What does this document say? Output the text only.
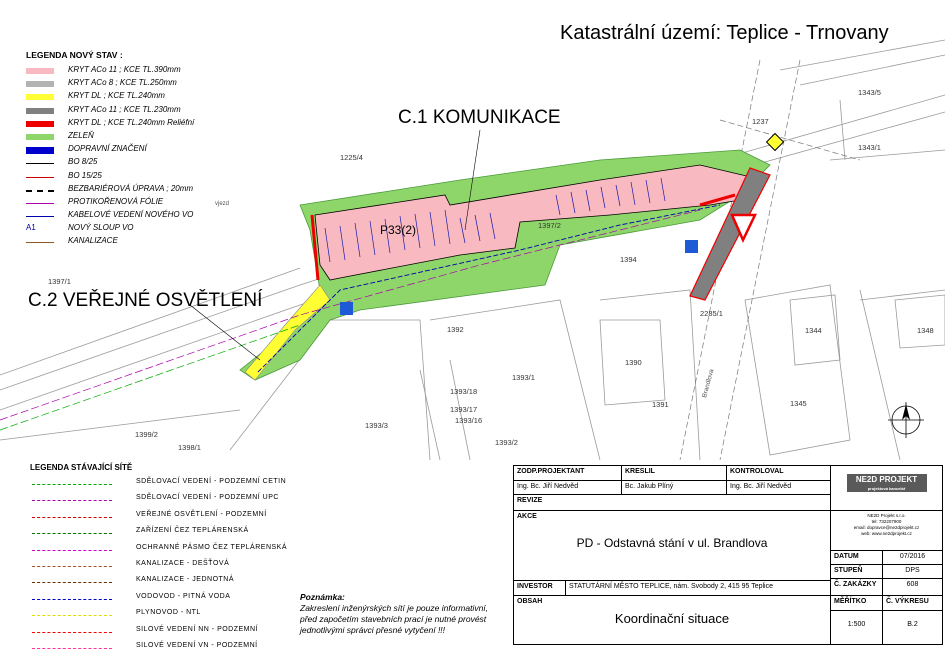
1225/4
1343/5
1343/1
1237
1397/2
1394
1397/1
1392
2285/1
1344	1348
1390
1391
1393/1
1393/18
1393/17
1393/16
1393/2
1393/3
1399/2
1398/1
1345
Brandlova
vjezd
Katastrální území: Teplice - Trnovany
C.1 KOMUNIKACE
C.2 VEŘEJNÉ OSVĚTLENÍ
P33(2)
LEGENDA NOVÝ STAV :
KRYT ACo 11 ; KCE TL.390mm
KRYT ACo 8 ; KCE TL.250mm
KRYT DL ; KCE TL.240mm
KRYT ACo 11 ; KCE TL.230mm
KRYT DL ; KCE TL.240mm Reliéfní
ZELEŇ
DOPRAVNÍ ZNAČENÍ
BO 8/25
BO 15/25
BEZBARIÉROVÁ ÚPRAVA ; 20mm
PROTIKOŘENOVÁ FÓLIE
KABELOVÉ VEDENÍ NOVÉHO VO
A1	NOVÝ SLOUP VO
KANALIZACE
LEGENDA STÁVAJÍCÍ SÍTĚ
SDĚLOVACÍ VEDENÍ - PODZEMNÍ CETIN
SDĚLOVACÍ VEDENÍ - PODZEMNÍ UPC
VEŘEJNÉ OSVĚTLENÍ - PODZEMNÍ
ZAŘÍZENÍ ČEZ TEPLÁRENSKÁ
OCHRANNÉ PÁSMO ČEZ TEPLÁRENSKÁ
KANALIZACE - DEŠŤOVÁ
KANALIZACE - JEDNOTNÁ
VODOVOD - PITNÁ VODA
PLYNOVOD - NTL
SILOVÉ VEDENÍ NN - PODZEMNÍ
SILOVÉ VEDENÍ VN - PODZEMNÍ
Poznámka:
Zakreslení inženýrských sítí je pouze informativní,
před započetím stavebních prací je nutné provést
jednotlivými správci přesné vytyčení !!!
ZODP.PROJEKTANT	KRESLIL	KONTROLOVAL
Ing. Bc. Jiří Nedvěd	Bc. Jakub Plíný	Ing. Bc. Jiří Nedvěd
REVIZE
AKCE
PD - Odstavná stání v ul. Brandlova
INVESTOR	STATUTÁRNÍ MĚSTO TEPLICE, nám. Svobody 2, 415 95 Teplice
OBSAH
Koordinační situace
NE2D PROJEKT
projektová kancelář
NE2D Projekt s.r.o.
tel: 732207900
email: dopravce@ne2dprojekt.cz
web: www.ne2dprojekt.cz
DATUM	07/2016
STUPEŇ	DPS
Č. ZAKÁZKY	608
MĚŘÍTKO	Č. VÝKRESU
1:500	B.2
